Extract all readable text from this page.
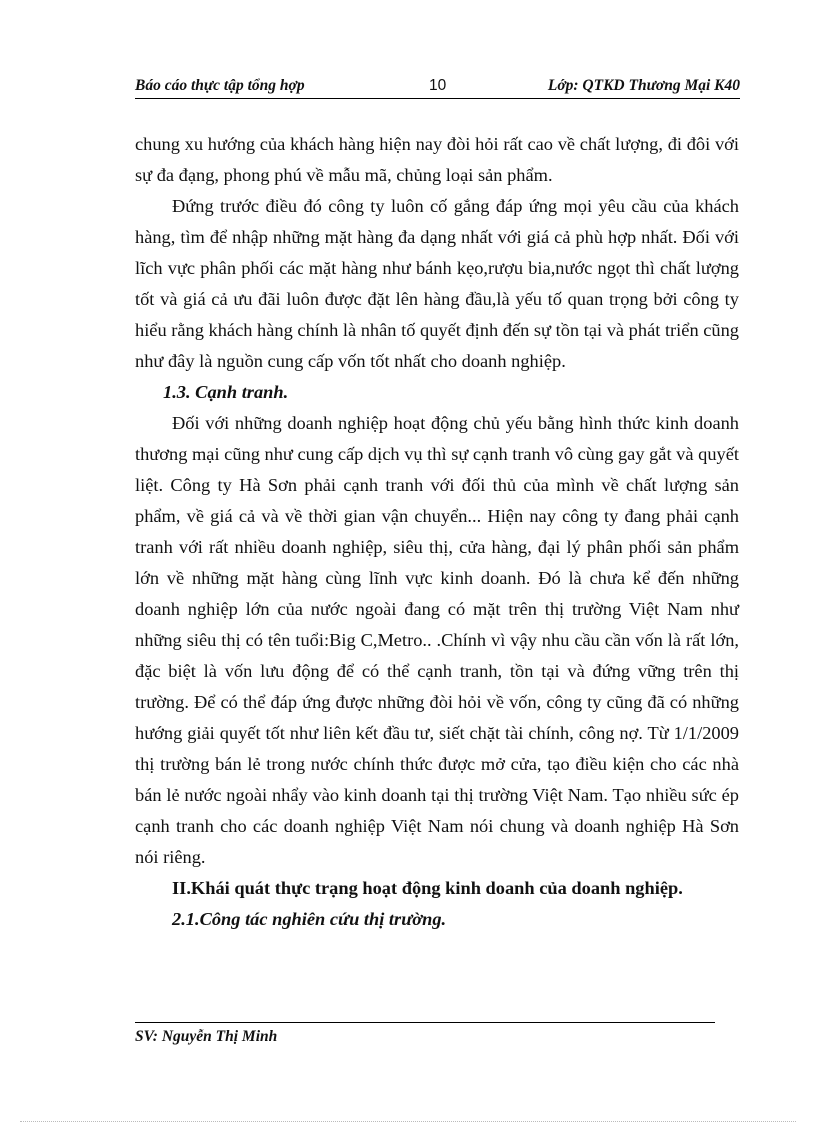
Báo cáo thực tập tổng hợp	10	Lớp: QTKD Thương Mại K40

chung xu hướng của khách hàng hiện nay đòi hỏi rất cao về chất lượng, đi đôi với sự đa đạng, phong phú về mẫu mã, chủng loại sản phẩm.

Đứng trước điều đó công ty luôn cố gắng đáp ứng mọi yêu cầu của khách hàng, tìm để nhập những mặt hàng đa dạng nhất với giá cả phù hợp nhất. Đối với lĩch vực phân phối các mặt hàng như bánh kẹo,rượu bia,nước ngọt thì chất lượng tốt và giá cả ưu đãi luôn được đặt lên hàng đầu,là yếu tố quan trọng bởi công ty hiểu rằng khách hàng chính là nhân tố quyết định đến sự tồn tại và phát triển cũng như đây là nguồn cung cấp vốn tốt nhất cho doanh nghiệp.

1.3. Cạnh tranh.

Đối với những doanh nghiệp hoạt động chủ yếu bằng hình thức kinh doanh thương mại cũng như cung cấp dịch vụ thì sự cạnh tranh vô cùng gay gắt và quyết liệt. Công ty Hà Sơn phải cạnh tranh với đối thủ của mình về chất lượng sản phẩm, về giá cả và về thời gian vận chuyển... Hiện nay công ty đang phải cạnh tranh với rất nhiều doanh nghiệp, siêu thị, cửa hàng, đại lý phân phối sản phẩm lớn về những mặt hàng cùng lĩnh vực kinh doanh. Đó là chưa kể đến những doanh nghiệp lớn của nước ngoài đang có mặt trên thị trường Việt Nam như những siêu thị có tên tuổi:Big C,Metro.. .Chính vì vậy nhu cầu cần vốn là rất lớn, đặc biệt là vốn lưu động để có thể cạnh tranh, tồn tại và đứng vững trên thị trường. Để có thể đáp ứng được những đòi hỏi về vốn, công ty cũng đã có những hướng giải quyết tốt như liên kết đầu tư, siết chặt tài chính, công nợ. Từ 1/1/2009 thị trường bán lẻ trong nước chính thức được mở cửa, tạo điều kiện cho các nhà bán lẻ nước ngoài nhẩy vào kinh doanh tại thị trường Việt Nam. Tạo nhiều sức ép cạnh tranh cho các doanh nghiệp Việt Nam nói chung và doanh nghiệp Hà Sơn nói riêng.

II.Khái quát thực trạng hoạt động kinh doanh của doanh nghiệp.

2.1.Công tác nghiên cứu thị trường.

SV: Nguyễn Thị Minh
